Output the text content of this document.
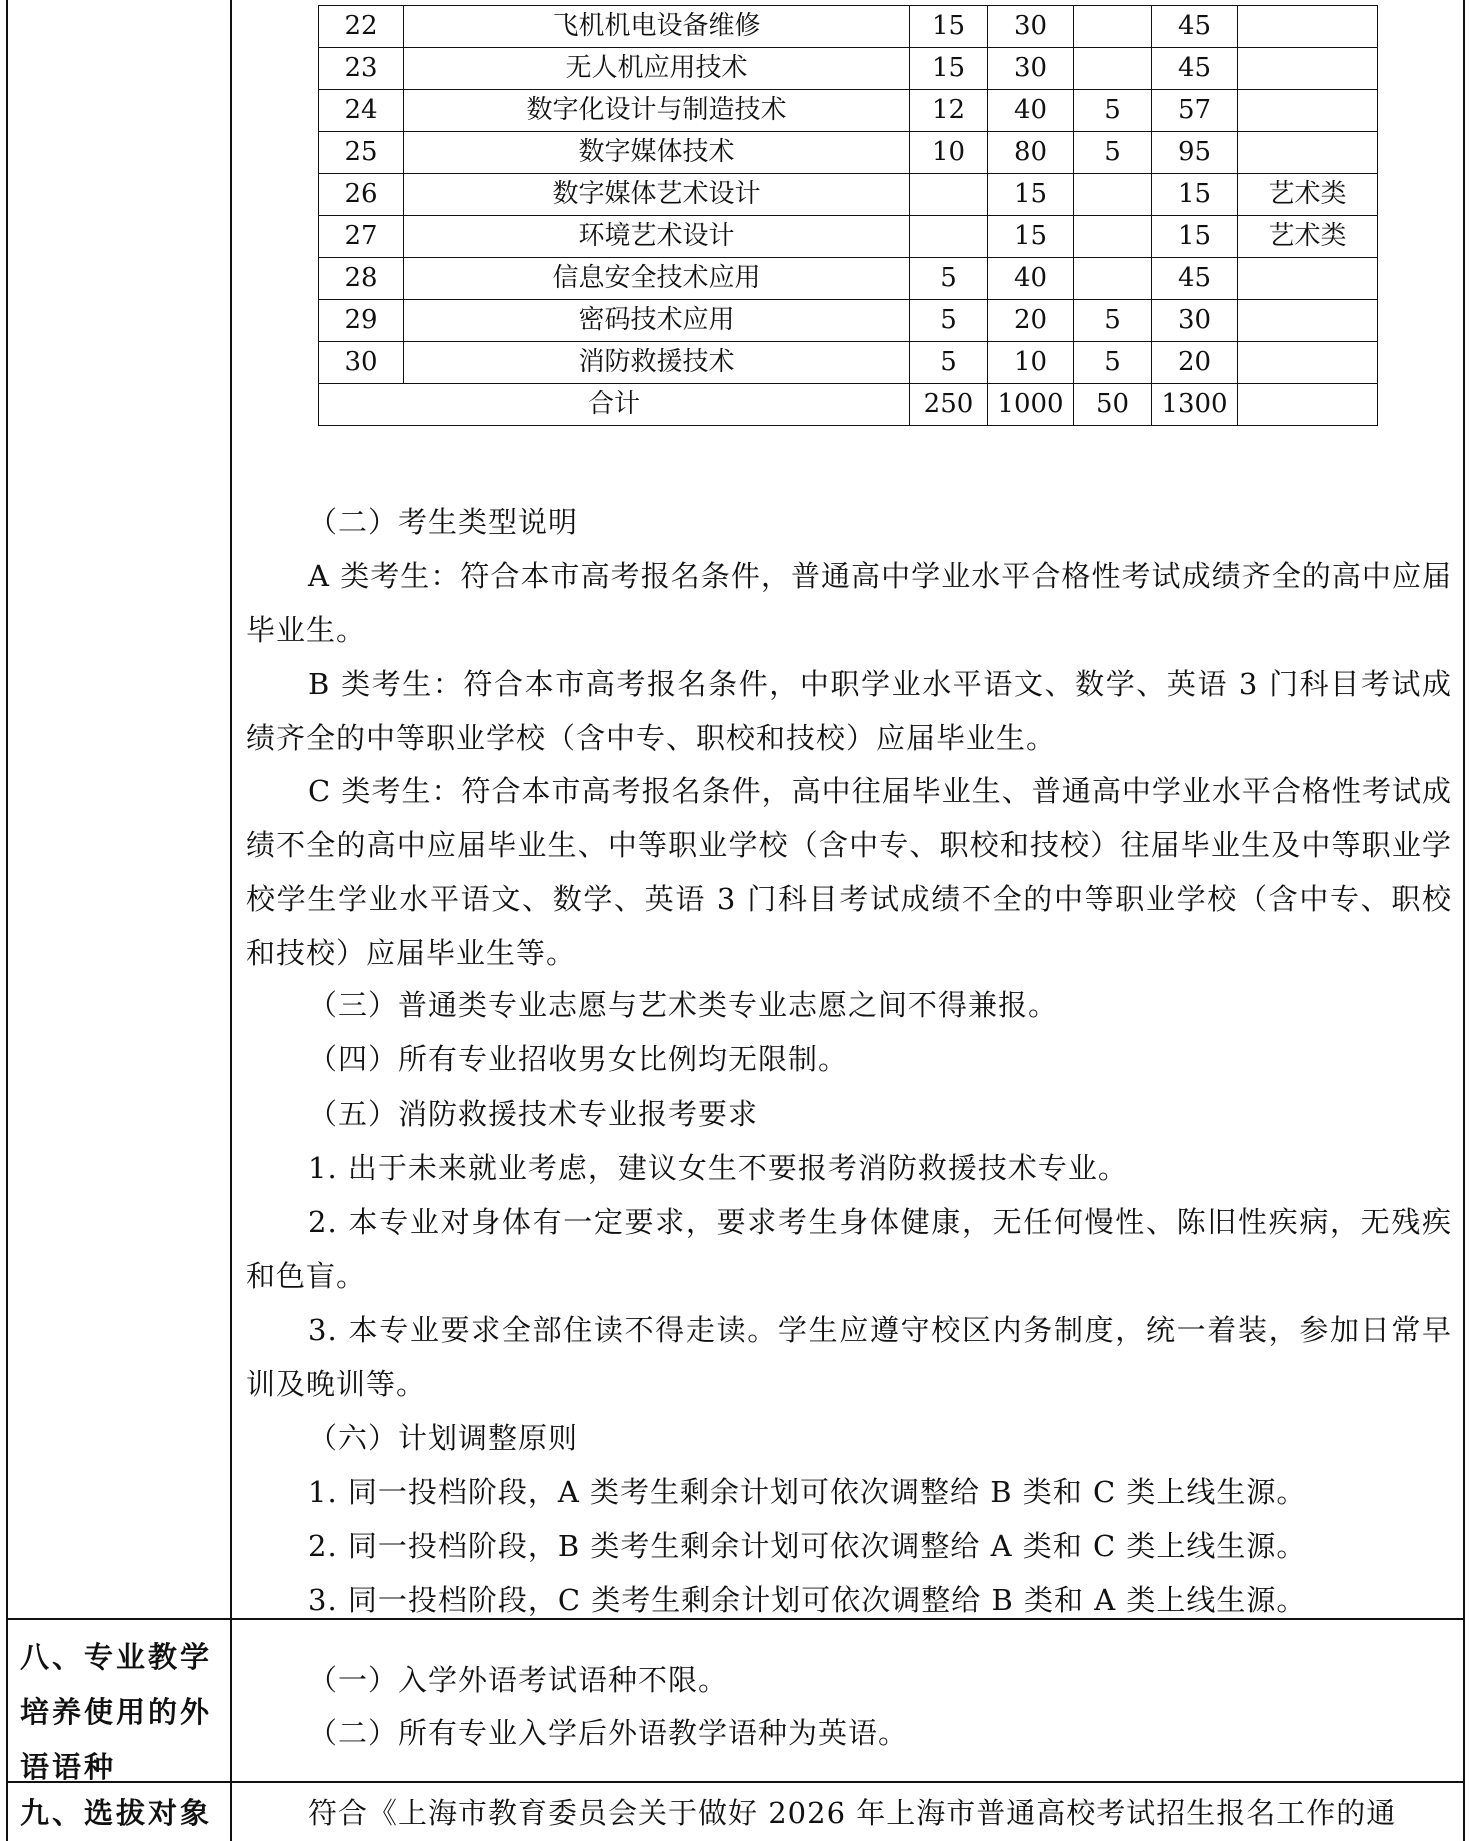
22	飞机机电设备维修	15	30		45	
23	无人机应用技术	15	30		45	
24	数字化设计与制造技术	12	40	5	57	
25	数字媒体技术	10	80	5	95	
26	数字媒体艺术设计		15		15	艺术类
27	环境艺术设计		15		15	艺术类
28	信息安全技术应用	5	40		45	
29	密码技术应用	5	20	5	30	
30	消防救援技术	5	10	5	20	
合计		250	1000	50	1300	
（二）考生类型说明
A 类考生：符合本市高考报名条件，普通高中学业水平合格性考试成绩齐全的高中应届毕业生。
B 类考生：符合本市高考报名条件，中职学业水平语文、数学、英语 3 门科目考试成绩齐全的中等职业学校（含中专、职校和技校）应届毕业生。
C 类考生：符合本市高考报名条件，高中往届毕业生、普通高中学业水平合格性考试成绩不全的高中应届毕业生、中等职业学校（含中专、职校和技校）往届毕业生及中等职业学校学生学业水平语文、数学、英语 3 门科目考试成绩不全的中等职业学校（含中专、职校和技校）应届毕业生等。
（三）普通类专业志愿与艺术类专业志愿之间不得兼报。
（四）所有专业招收男女比例均无限制。
（五）消防救援技术专业报考要求
1. 出于未来就业考虑，建议女生不要报考消防救援技术专业。
2. 本专业对身体有一定要求，要求考生身体健康，无任何慢性、陈旧性疾病，无残疾和色盲。
3. 本专业要求全部住读不得走读。学生应遵守校区内务制度，统一着装，参加日常早训及晚训等。
（六）计划调整原则
1. 同一投档阶段，A 类考生剩余计划可依次调整给 B 类和 C 类上线生源。
2. 同一投档阶段，B 类考生剩余计划可依次调整给 A 类和 C 类上线生源。
3. 同一投档阶段，C 类考生剩余计划可依次调整给 B 类和 A 类上线生源。
八、专业教学培养使用的外语语种
（一）入学外语考试语种不限。
（二）所有专业入学后外语教学语种为英语。
九、选拔对象	符合《上海市教育委员会关于做好 2026 年上海市普通高校考试招生报名工作的通
